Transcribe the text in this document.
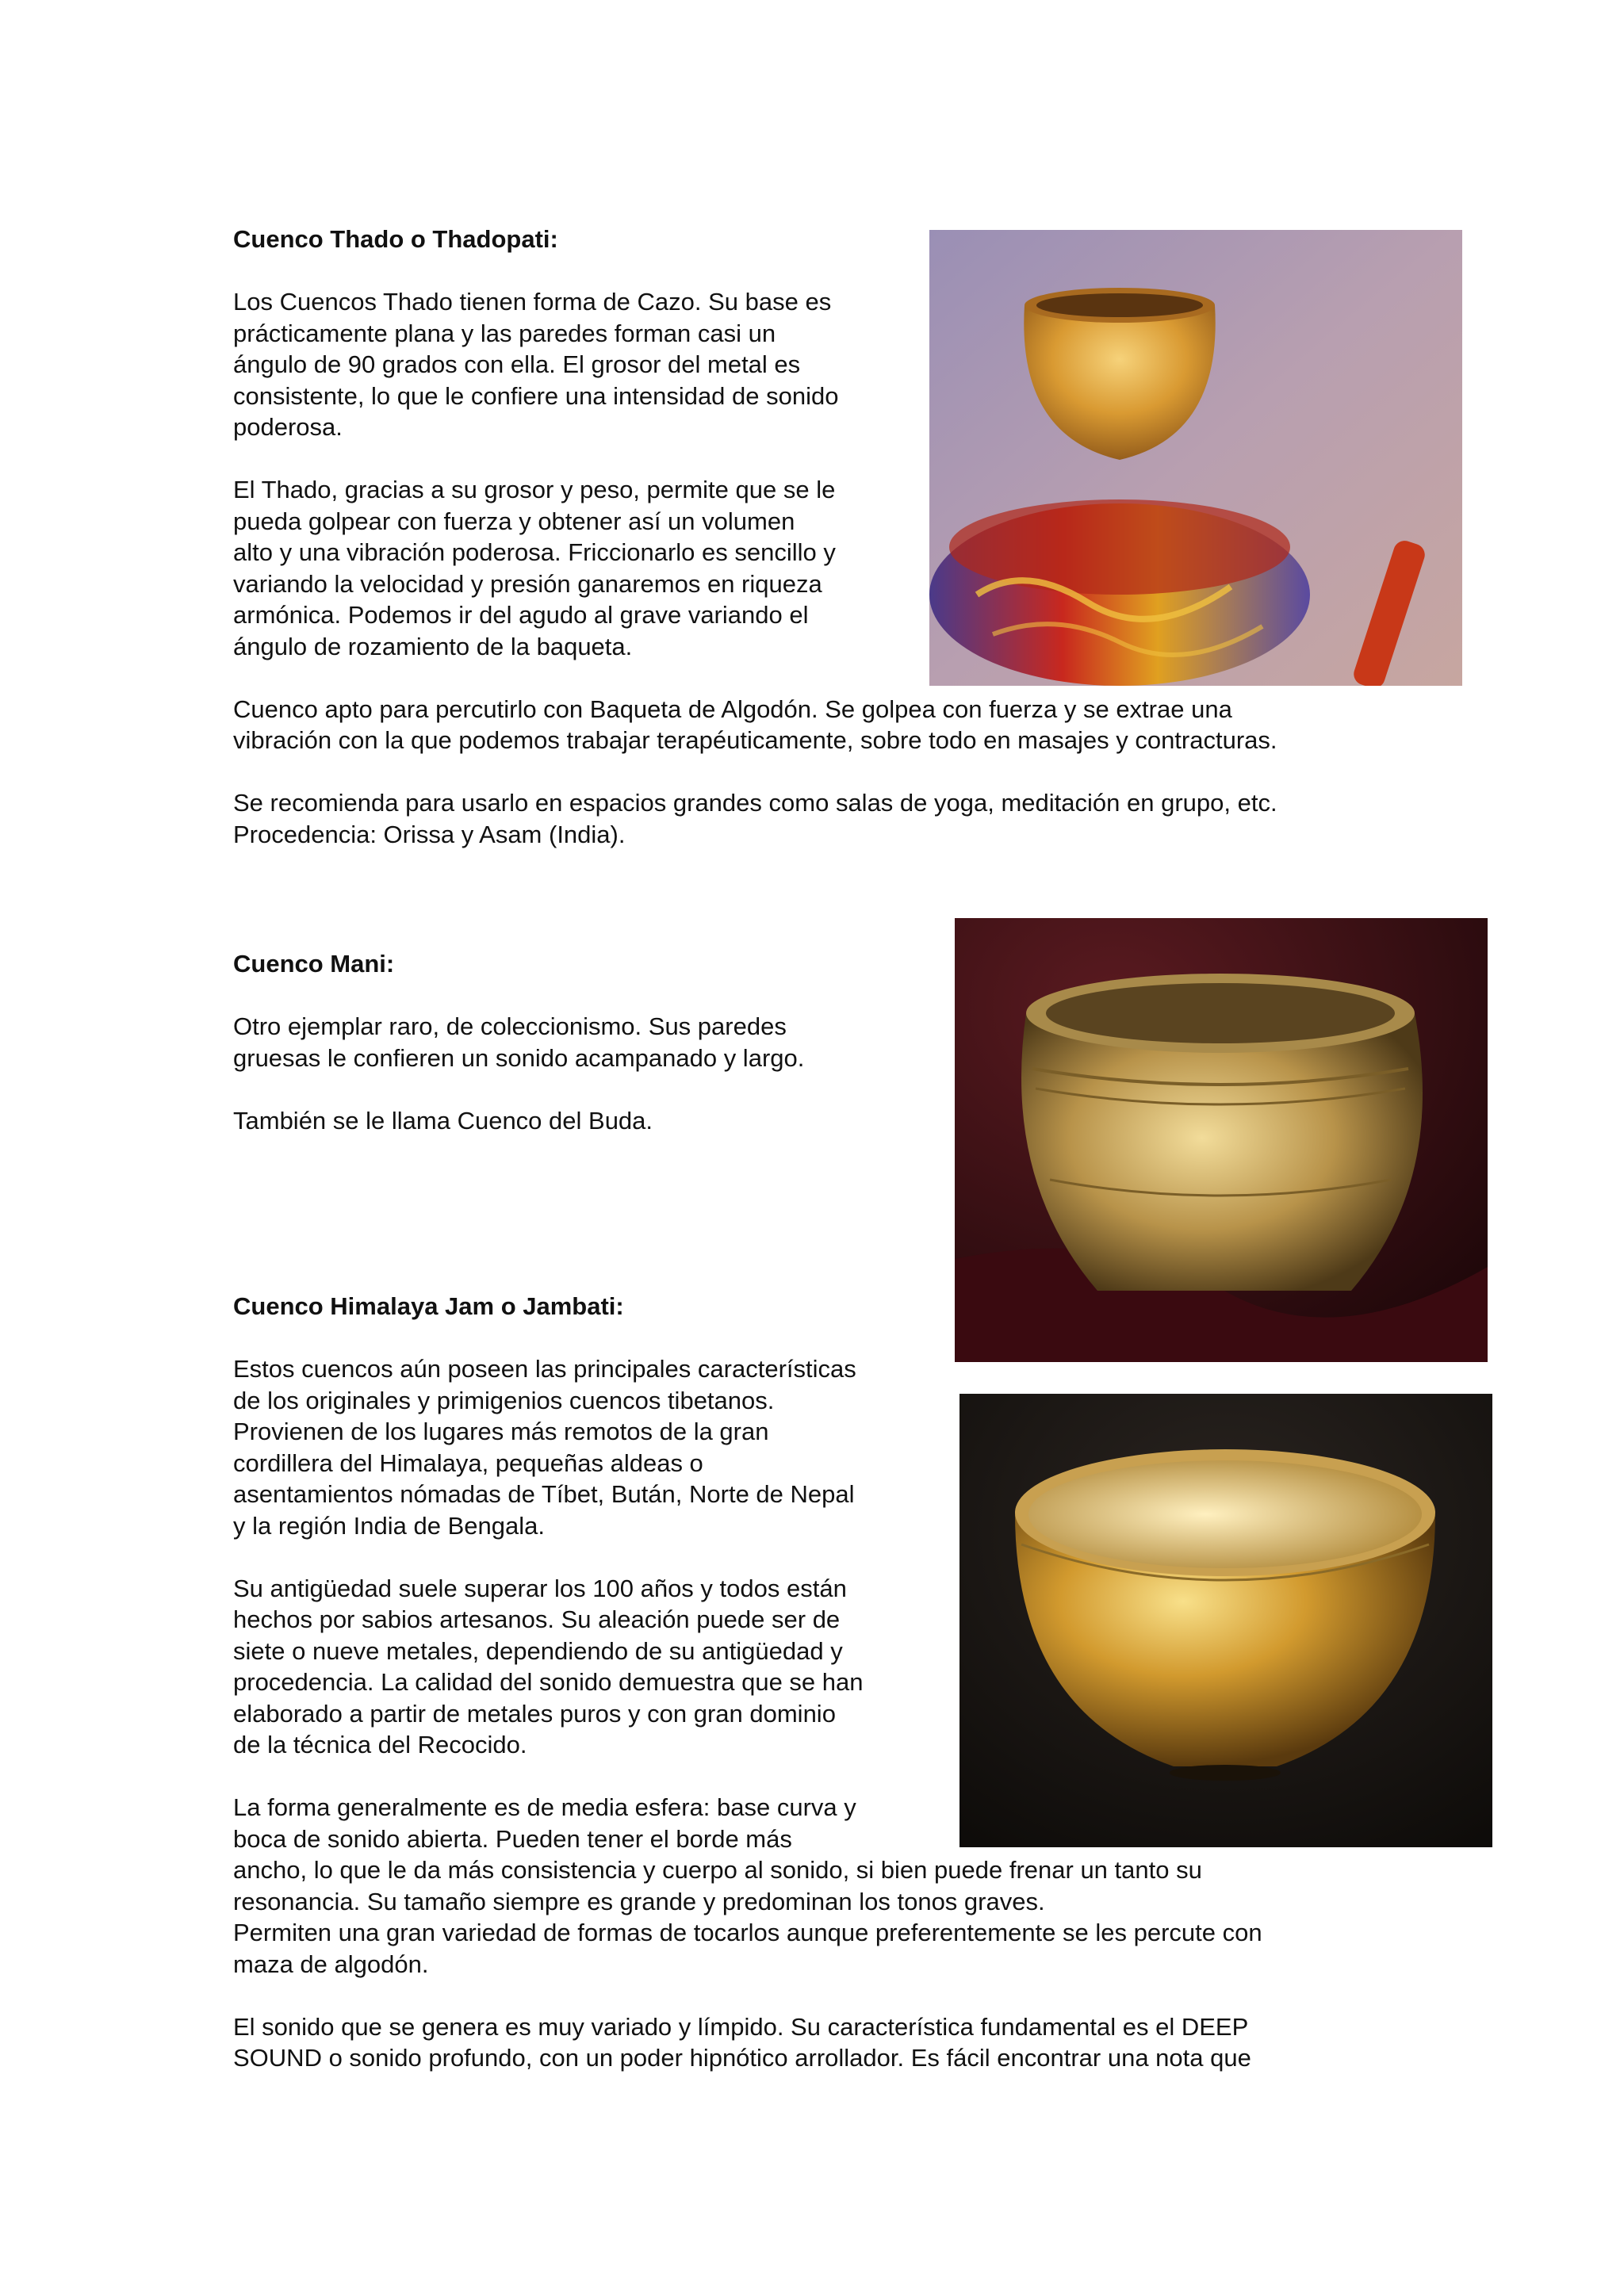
Cuenco Thado o Thadopati:

Los Cuencos Thado tienen forma de Cazo. Su base es
prácticamente plana y las paredes forman casi un
ángulo de 90 grados con ella. El grosor del metal es
consistente, lo que le confiere una intensidad de sonido
poderosa.

El Thado, gracias a su grosor y peso, permite que se le
pueda golpear con fuerza y obtener así un volumen
alto y una vibración poderosa. Friccionarlo es sencillo y
variando la velocidad y presión ganaremos en riqueza
armónica. Podemos ir del agudo al grave variando el
ángulo de rozamiento de la baqueta.

Cuenco apto para percutirlo con Baqueta de Algodón. Se golpea con fuerza y se extrae una
vibración con la que podemos trabajar terapéuticamente, sobre todo en masajes y contracturas.

Se recomienda para usarlo en espacios grandes como salas de yoga, meditación en grupo, etc.
Procedencia: Orissa y Asam (India).

Cuenco Mani:

Otro ejemplar raro, de coleccionismo. Sus paredes
gruesas le confieren un sonido acampanado y largo.

También se le llama Cuenco del Buda.

Cuenco Himalaya Jam o Jambati:

Estos cuencos aún poseen las principales características
de los originales y primigenios cuencos tibetanos.
Provienen de los lugares más remotos de la gran
cordillera del Himalaya, pequeñas aldeas o
asentamientos nómadas de Tíbet, Bután, Norte de Nepal
y la región India de Bengala.

Su antigüedad suele superar los 100 años y todos están
hechos por sabios artesanos. Su aleación puede ser de
siete o nueve metales, dependiendo de su antigüedad y
procedencia. La calidad del sonido demuestra que se han
elaborado a partir de metales puros y con gran dominio
de la técnica del Recocido.

La forma generalmente es de media esfera: base curva y
boca de sonido abierta. Pueden tener el borde más
ancho, lo que le da más consistencia y cuerpo al sonido, si bien puede frenar un tanto su
resonancia. Su tamaño siempre es grande y predominan los tonos graves.
Permiten una gran variedad de formas de tocarlos aunque preferentemente se les percute con
maza de algodón.

El sonido que se genera es muy variado y límpido. Su característica fundamental es el DEEP
SOUND o sonido profundo, con un poder hipnótico arrollador. Es fácil encontrar una nota que
